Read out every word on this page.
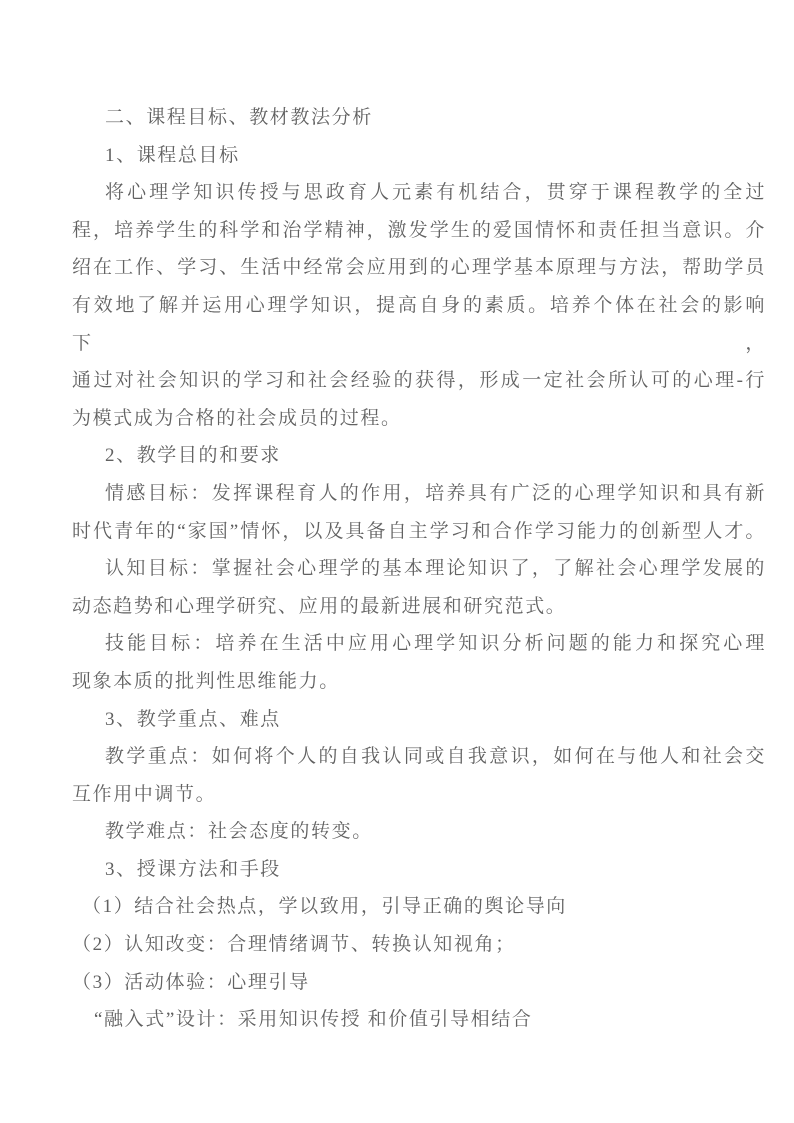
二、课程目标、教材教法分析
1、课程总目标
将心理学知识传授与思政育人元素有机结合，贯穿于课程教学的全过
程，培养学生的科学和治学精神，激发学生的爱国情怀和责任担当意识。介
绍在工作、学习、生活中经常会应用到的心理学基本原理与方法，帮助学员
有效地了解并运用心理学知识，提高自身的素质。培养个体在社会的影响下，
通过对社会知识的学习和社会经验的获得，形成一定社会所认可的心理-行
为模式成为合格的社会成员的过程。
2、教学目的和要求
情感目标：发挥课程育人的作用，培养具有广泛的心理学知识和具有新
时代青年的“家国”情怀，以及具备自主学习和合作学习能力的创新型人才。
认知目标：掌握社会心理学的基本理论知识了，了解社会心理学发展的
动态趋势和心理学研究、应用的最新进展和研究范式。
技能目标：培养在生活中应用心理学知识分析问题的能力和探究心理
现象本质的批判性思维能力。
3、教学重点、难点
教学重点：如何将个人的自我认同或自我意识，如何在与他人和社会交
互作用中调节。
教学难点：社会态度的转变。
3、授课方法和手段
（1）结合社会热点，学以致用，引导正确的舆论导向
（2）认知改变：合理情绪调节、转换认知视角；
（3）活动体验：心理引导
“融入式”设计：采用知识传授 和价值引导相结合
